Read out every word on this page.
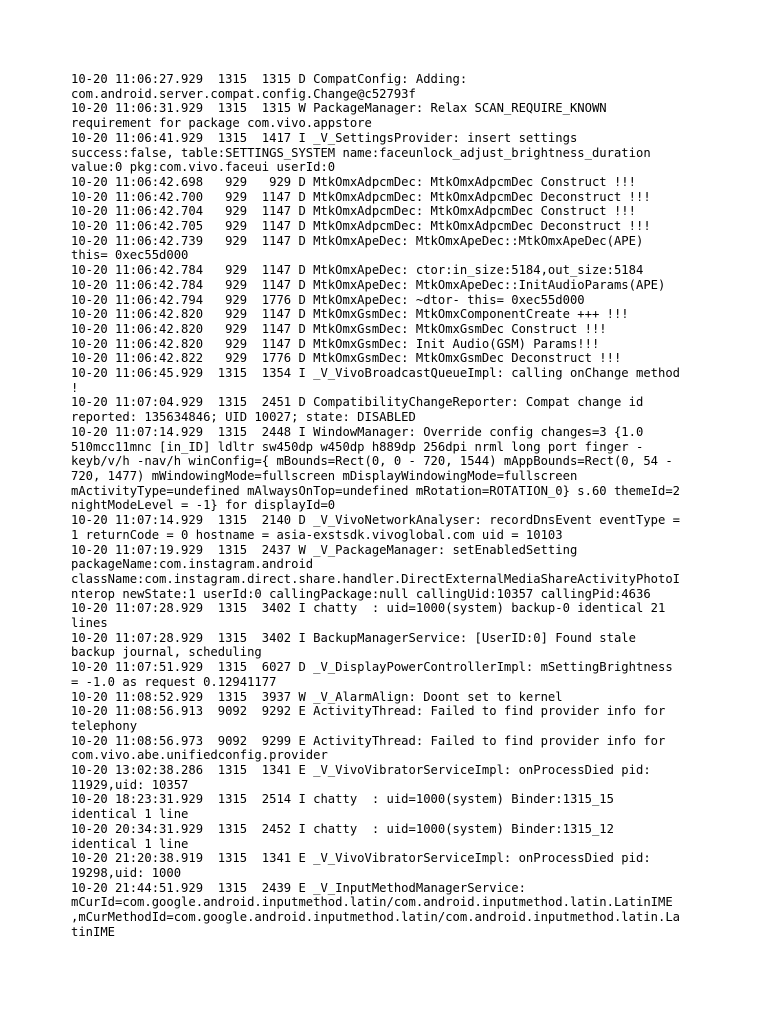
10-20 11:06:27.929  1315  1315 D CompatConfig: Adding:
com.android.server.compat.config.Change@c52793f
10-20 11:06:31.929  1315  1315 W PackageManager: Relax SCAN_REQUIRE_KNOWN
requirement for package com.vivo.appstore
10-20 11:06:41.929  1315  1417 I _V_SettingsProvider: insert settings
success:false, table:SETTINGS_SYSTEM name:faceunlock_adjust_brightness_duration
value:0 pkg:com.vivo.faceui userId:0
10-20 11:06:42.698   929   929 D MtkOmxAdpcmDec: MtkOmxAdpcmDec Construct !!!
10-20 11:06:42.700   929  1147 D MtkOmxAdpcmDec: MtkOmxAdpcmDec Deconstruct !!!
10-20 11:06:42.704   929  1147 D MtkOmxAdpcmDec: MtkOmxAdpcmDec Construct !!!
10-20 11:06:42.705   929  1147 D MtkOmxAdpcmDec: MtkOmxAdpcmDec Deconstruct !!!
10-20 11:06:42.739   929  1147 D MtkOmxApeDec: MtkOmxApeDec::MtkOmxApeDec(APE)
this= 0xec55d000
10-20 11:06:42.784   929  1147 D MtkOmxApeDec: ctor:in_size:5184,out_size:5184
10-20 11:06:42.784   929  1147 D MtkOmxApeDec: MtkOmxApeDec::InitAudioParams(APE)
10-20 11:06:42.794   929  1776 D MtkOmxApeDec: ~dtor- this= 0xec55d000
10-20 11:06:42.820   929  1147 D MtkOmxGsmDec: MtkOmxComponentCreate +++ !!!
10-20 11:06:42.820   929  1147 D MtkOmxGsmDec: MtkOmxGsmDec Construct !!!
10-20 11:06:42.820   929  1147 D MtkOmxGsmDec: Init Audio(GSM) Params!!!
10-20 11:06:42.822   929  1776 D MtkOmxGsmDec: MtkOmxGsmDec Deconstruct !!!
10-20 11:06:45.929  1315  1354 I _V_VivoBroadcastQueueImpl: calling onChange method
!
10-20 11:07:04.929  1315  2451 D CompatibilityChangeReporter: Compat change id
reported: 135634846; UID 10027; state: DISABLED
10-20 11:07:14.929  1315  2448 I WindowManager: Override config changes=3 {1.0
510mcc11mnc [in_ID] ldltr sw450dp w450dp h889dp 256dpi nrml long port finger -
keyb/v/h -nav/h winConfig={ mBounds=Rect(0, 0 - 720, 1544) mAppBounds=Rect(0, 54 -
720, 1477) mWindowingMode=fullscreen mDisplayWindowingMode=fullscreen
mActivityType=undefined mAlwaysOnTop=undefined mRotation=ROTATION_0} s.60 themeId=2
nightModeLevel = -1} for displayId=0
10-20 11:07:14.929  1315  2140 D _V_VivoNetworkAnalyser: recordDnsEvent eventType =
1 returnCode = 0 hostname = asia-exstsdk.vivoglobal.com uid = 10103
10-20 11:07:19.929  1315  2437 W _V_PackageManager: setEnabledSetting
packageName:com.instagram.android
className:com.instagram.direct.share.handler.DirectExternalMediaShareActivityPhotoI
nterop newState:1 userId:0 callingPackage:null callingUid:10357 callingPid:4636
10-20 11:07:28.929  1315  3402 I chatty  : uid=1000(system) backup-0 identical 21
lines
10-20 11:07:28.929  1315  3402 I BackupManagerService: [UserID:0] Found stale
backup journal, scheduling
10-20 11:07:51.929  1315  6027 D _V_DisplayPowerControllerImpl: mSettingBrightness
= -1.0 as request 0.12941177
10-20 11:08:52.929  1315  3937 W _V_AlarmAlign: Doont set to kernel
10-20 11:08:56.913  9092  9292 E ActivityThread: Failed to find provider info for
telephony
10-20 11:08:56.973  9092  9299 E ActivityThread: Failed to find provider info for
com.vivo.abe.unifiedconfig.provider
10-20 13:02:38.286  1315  1341 E _V_VivoVibratorServiceImpl: onProcessDied pid:
11929,uid: 10357
10-20 18:23:31.929  1315  2514 I chatty  : uid=1000(system) Binder:1315_15
identical 1 line
10-20 20:34:31.929  1315  2452 I chatty  : uid=1000(system) Binder:1315_12
identical 1 line
10-20 21:20:38.919  1315  1341 E _V_VivoVibratorServiceImpl: onProcessDied pid:
19298,uid: 1000
10-20 21:44:51.929  1315  2439 E _V_InputMethodManagerService:
mCurId=com.google.android.inputmethod.latin/com.android.inputmethod.latin.LatinIME
,mCurMethodId=com.google.android.inputmethod.latin/com.android.inputmethod.latin.La
tinIME
